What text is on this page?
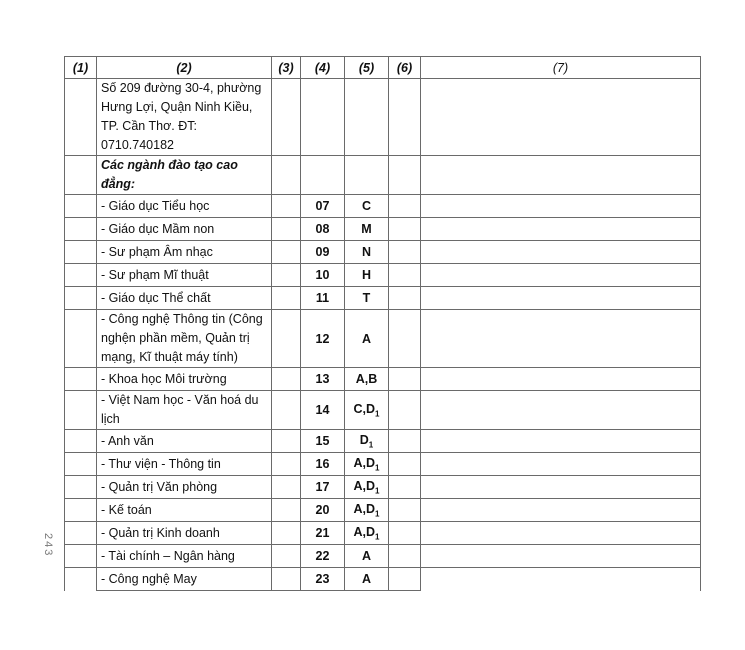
(1)	(2)	(3)	(4)	(5)	(6)	(7)
	Số 209 đường 30-4, phường Hưng Lợi, Quận Ninh Kiều, TP. Cần Thơ. ĐT: 0710.740182					
	Các ngành đào tạo cao đẳng:					
	- Giáo dục Tiểu học		07	C		
	- Giáo dục Mầm non		08	M		
	- Sư phạm Âm nhạc		09	N		
	- Sư phạm Mĩ thuật		10	H		
	- Giáo dục Thể chất		11	T		
	- Công nghệ Thông tin (Công nghện phần mềm, Quản trị mạng, Kĩ thuật máy tính)		12	A		
	- Khoa học Môi trường		13	A,B		
	- Việt Nam học - Văn hoá du lịch		14	$C,D_1$		
	- Anh văn		15	$D_1$		
	- Thư viện - Thông tin		16	$A,D_1$		
	- Quản trị Văn phòng		17	$A,D_1$		
	- Kế toán		20	$A,D_1$		
	- Quản trị Kinh doanh		21	$A,D_1$		
	- Tài chính – Ngân hàng		22	A		
	- Công nghệ May		23	A		
243
